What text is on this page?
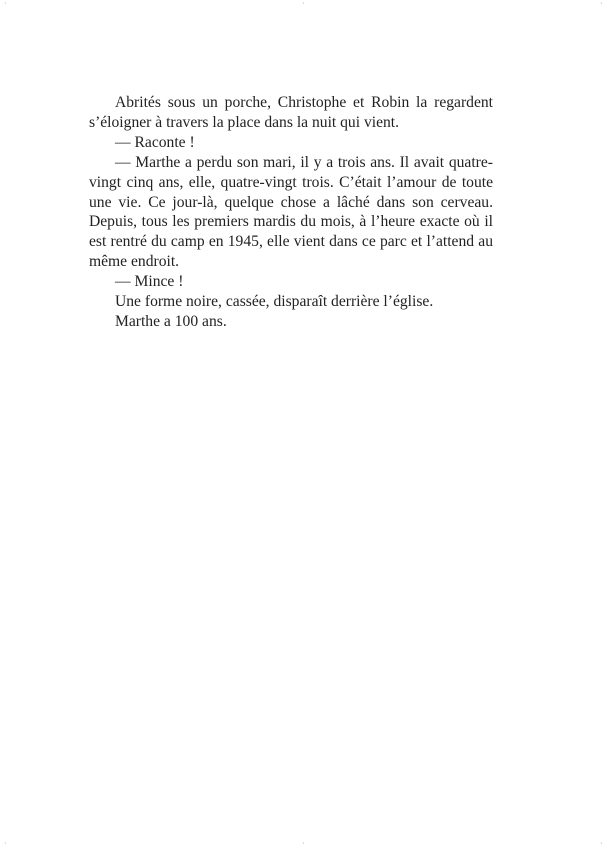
·	·	·
·	·	·

Abrités sous un porche, Christophe et Robin la regardent s’éloigner à travers la place dans la nuit qui vient.

— Raconte !

— Marthe a perdu son mari, il y a trois ans. Il avait quatre-vingt cinq ans, elle, quatre-vingt trois. C’était l’amour de toute une vie. Ce jour-là, quelque chose a lâché dans son cerveau. Depuis, tous les premiers mardis du mois, à l’heure exacte où il est rentré du camp en 1945, elle vient dans ce parc et l’attend au même endroit.

— Mince !

Une forme noire, cassée, disparaît derrière l’église.

Marthe a 100 ans.
